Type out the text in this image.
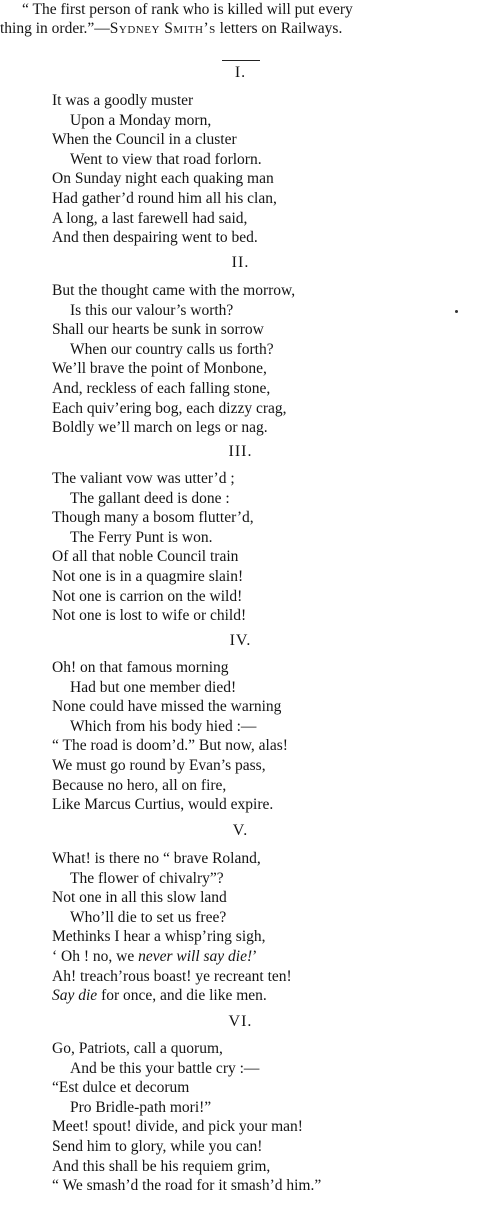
“ The first person of rank who is killed will put every
thing in order.”—Sydney Smith’s letters on Railways.
I.
It was a goodly muster
Upon a Monday morn,
When the Council in a cluster
Went to view that road forlorn.
On Sunday night each quaking man
Had gather’d round him all his clan,
A long, a last farewell had said,
And then despairing went to bed.
II.
But the thought came with the morrow,
Is this our valour’s worth?
Shall our hearts be sunk in sorrow
When our country calls us forth?
We’ll brave the point of Monbone,
And, reckless of each falling stone,
Each quiv’ering bog, each dizzy crag,
Boldly we’ll march on legs or nag.
III.
The valiant vow was utter’d ;
The gallant deed is done :
Though many a bosom flutter’d,
The Ferry Punt is won.
Of all that noble Council train
Not one is in a quagmire slain!
Not one is carrion on the wild!
Not one is lost to wife or child!
IV.
Oh! on that famous morning
Had but one member died!
None could have missed the warning
Which from his body hied :—
“ The road is doom’d.” But now, alas!
We must go round by Evan’s pass,
Because no hero, all on fire,
Like Marcus Curtius, would expire.
V.
What! is there no “ brave Roland,
The flower of chivalry”?
Not one in all this slow land
Who’ll die to set us free?
Methinks I hear a whisp’ring sigh,
‘ Oh ! no, we never will say die!’
Ah! treach’rous boast! ye recreant ten!
Say die for once, and die like men.
VI.
Go, Patriots, call a quorum,
And be this your battle cry :—
“Est dulce et decorum
Pro Bridle-path mori!”
Meet! spout! divide, and pick your man!
Send him to glory, while you can!
And this shall be his requiem grim,
“ We smash’d the road for it smash’d him.”
